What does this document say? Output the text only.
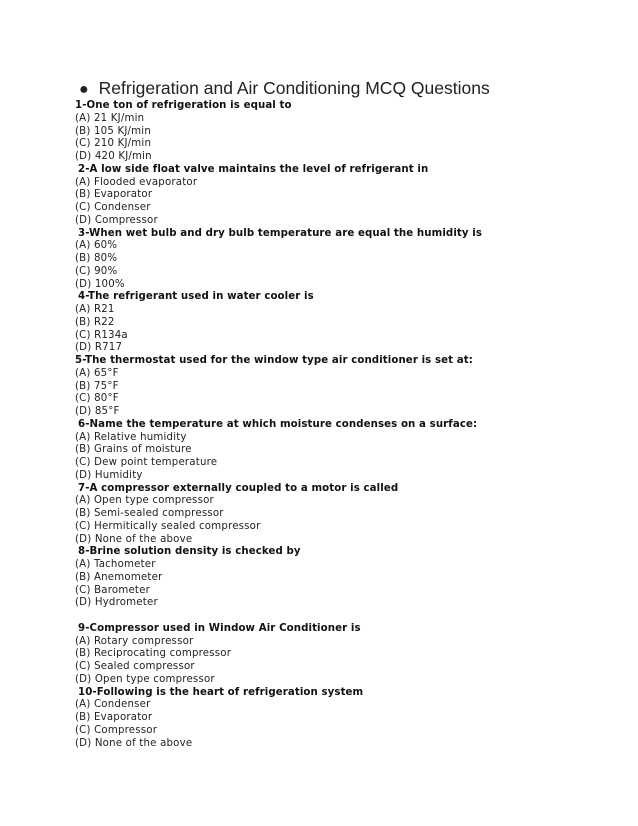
● Refrigeration and Air Conditioning MCQ Questions
1-One ton of refrigeration is equal to
(A) 21 KJ/min
(B) 105 KJ/min
(C) 210 KJ/min
(D) 420 KJ/min
2-A low side float valve maintains the level of refrigerant in
(A) Flooded evaporator
(B) Evaporator
(C) Condenser
(D) Compressor
3-When wet bulb and dry bulb temperature are equal the humidity is
(A) 60%
(B) 80%
(C) 90%
(D) 100%
4-The refrigerant used in water cooler is
(A) R21
(B) R22
(C) R134a
(D) R717
5-The thermostat used for the window type air conditioner is set at:
(A) 65°F
(B) 75°F
(C) 80°F
(D) 85°F
6-Name the temperature at which moisture condenses on a surface:
(A) Relative humidity
(B) Grains of moisture
(C) Dew point temperature
(D) Humidity
7-A compressor externally coupled to a motor is called
(A) Open type compressor
(B) Semi-sealed compressor
(C) Hermitically sealed compressor
(D) None of the above
8-Brine solution density is checked by
(A) Tachometer
(B) Anemometer
(C) Barometer
(D) Hydrometer
9-Compressor used in Window Air Conditioner is
(A) Rotary compressor
(B) Reciprocating compressor
(C) Sealed compressor
(D) Open type compressor
10-Following is the heart of refrigeration system
(A) Condenser
(B) Evaporator
(C) Compressor
(D) None of the above
